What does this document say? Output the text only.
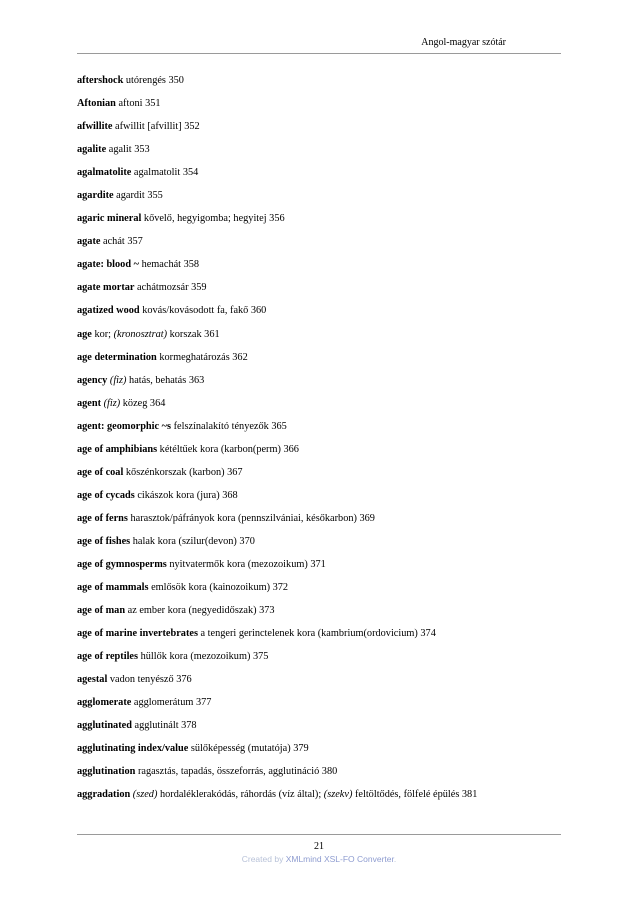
Angol-magyar szótár
aftershock utórengés 350
Aftonian aftoni 351
afwillite afwillit [afvillit] 352
agalite agalit 353
agalmatolite agalmatolit 354
agardite agardit 355
agaric mineral kővelő, hegyigomba; hegyitej 356
agate achát 357
agate: blood ~ hemachát 358
agate mortar achátmozsár 359
agatized wood kovás/kovásodott fa, fakő 360
age kor; (kronosztrat) korszak 361
age determination kormeghatározás 362
agency (fiz) hatás, behatás 363
agent (fiz) közeg 364
agent: geomorphic ~s felszínalakító tényezők 365
age of amphibians kétéltűek kora (karbon(perm) 366
age of coal kőszénkorszak (karbon) 367
age of cycads cikászok kora (jura) 368
age of ferns harasztok/páfrányok kora (pennszilvániai, későkarbon) 369
age of fishes halak kora (szilur(devon) 370
age of gymnosperms nyitvatermők kora (mezozoikum) 371
age of mammals emlősök kora (kainozoikum) 372
age of man az ember kora (negyedidőszak) 373
age of marine invertebrates a tengeri gerinctelenek kora (kambrium(ordovicium) 374
age of reptiles hüllők kora (mezozoikum) 375
agestal vadon tenyésző 376
agglomerate agglomerátum 377
agglutinated agglutinált 378
agglutinating index/value sülőképesség (mutatója) 379
agglutination ragasztás, tapadás, összeforrás, agglutináció 380
aggradation (szed) hordaléklerakódás, ráhordás (víz által); (szekv) feltöltődés, fölfelé épülés 381
21
Created by XMLmind XSL-FO Converter.
